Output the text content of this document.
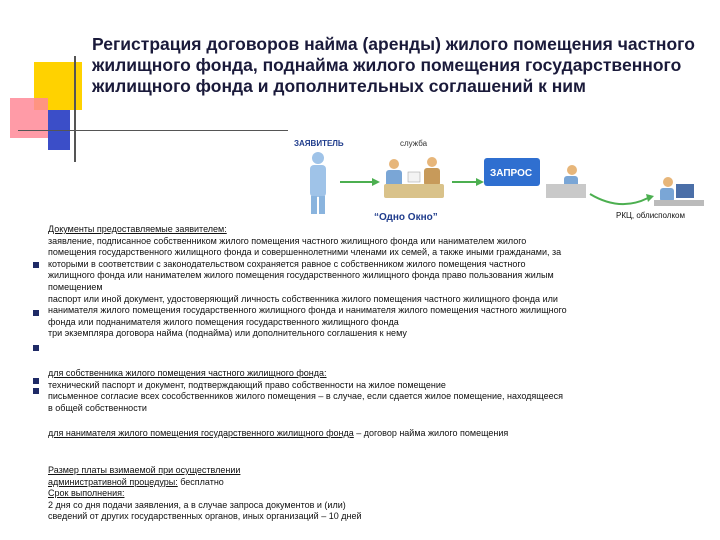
Регистрация договоров найма (аренды) жилого помещения частного жилищного фонда, поднайма жилого помещения государственного жилищного фонда и дополнительных соглашений к ним
ЗАЯВИТЕЛЬ	служба
“Одно Окно”
ЗАПРОС
РКЦ, облисполком

Документы предоставляемые заявителем:

заявление, подписанное собственником жилого помещения частного жилищного фонда или нанимателем жилого помещения государственного жилищного фонда и совершеннолетними членами их семей, а также иными гражданами, за которыми в соответствии с законодательством сохраняется равное с собственником жилого помещения частного жилищного фонда или нанимателем жилого помещения государственного жилищного фонда право пользования жилым помещением

паспорт или иной документ, удостоверяющий личность собственника жилого помещения частного жилищного фонда или нанимателя жилого помещения государственного жилищного фонда и нанимателя жилого помещения частного жилищного фонда или поднанимателя жилого помещения государственного жилищного фонда

три экземпляра договора найма (поднайма) или дополнительного соглашения к нему

для собственника жилого помещения частного жилищного фонда:

технический паспорт и документ, подтверждающий право собственности на жилое помещение

письменное согласие всех сособственников жилого помещения – в случае, если сдается жилое помещение, находящееся в общей собственности

для нанимателя жилого помещения государственного жилищного фонда – договор найма жилого помещения

Размер платы взимаемой при осуществлении

административной процедуры: бесплатно

Срок выполнения:

2 дня со дня подачи заявления, а в случае запроса документов и (или)

сведений от других государственных органов, иных организаций – 10 дней
